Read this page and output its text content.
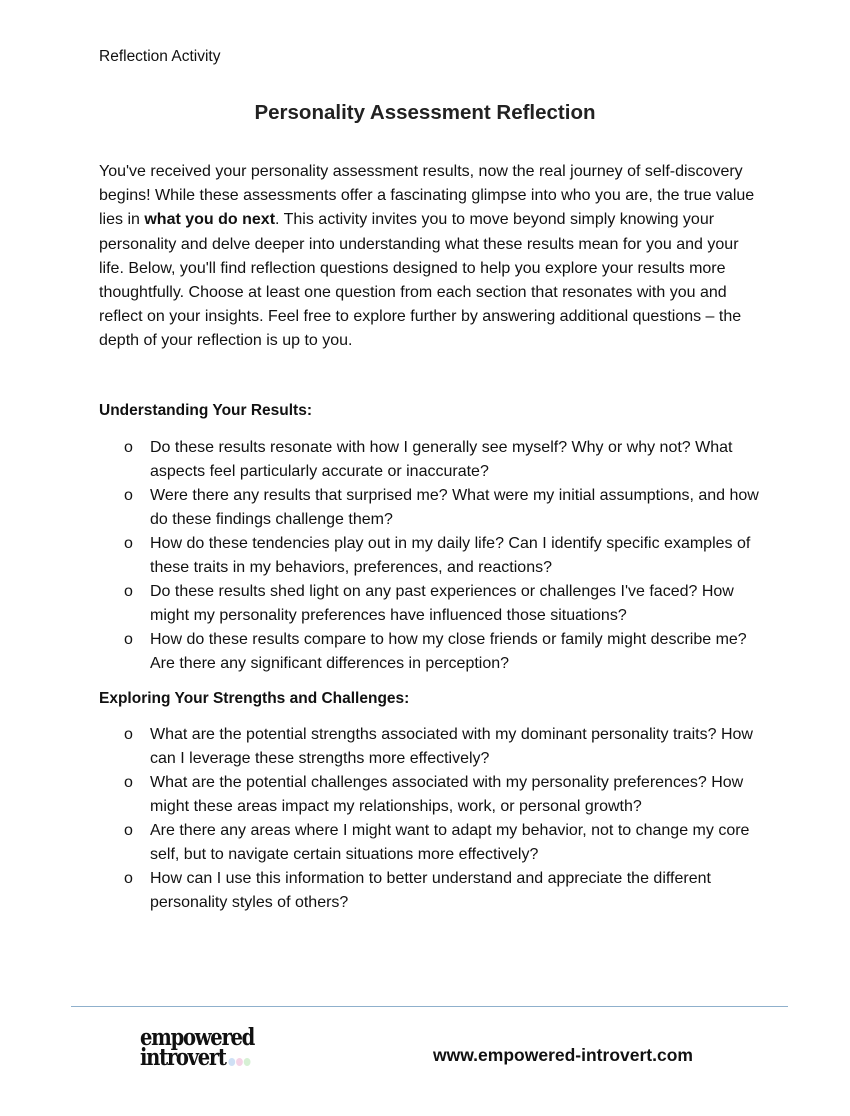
Reflection Activity
Personality Assessment Reflection

You've received your personality assessment results, now the real journey of self-discovery begins! While these assessments offer a fascinating glimpse into who you are, the true value lies in what you do next. This activity invites you to move beyond simply knowing your personality and delve deeper into understanding what these results mean for you and your life. Below, you'll find reflection questions designed to help you explore your results more thoughtfully. Choose at least one question from each section that resonates with you and reflect on your insights. Feel free to explore further by answering additional questions – the depth of your reflection is up to you.

Understanding Your Results:
o Do these results resonate with how I generally see myself? Why or why not? What aspects feel particularly accurate or inaccurate?
o Were there any results that surprised me? What were my initial assumptions, and how do these findings challenge them?
o How do these tendencies play out in my daily life? Can I identify specific examples of these traits in my behaviors, preferences, and reactions?
o Do these results shed light on any past experiences or challenges I've faced? How might my personality preferences have influenced those situations?
o How do these results compare to how my close friends or family might describe me? Are there any significant differences in perception?
Exploring Your Strengths and Challenges:
o What are the potential strengths associated with my dominant personality traits? How can I leverage these strengths more effectively?
o What are the potential challenges associated with my personality preferences? How might these areas impact my relationships, work, or personal growth?
o Are there any areas where I might want to adapt my behavior, not to change my core self, but to navigate certain situations more effectively?
o How can I use this information to better understand and appreciate the different personality styles of others?
empowered
introvert	www.empowered-introvert.com
